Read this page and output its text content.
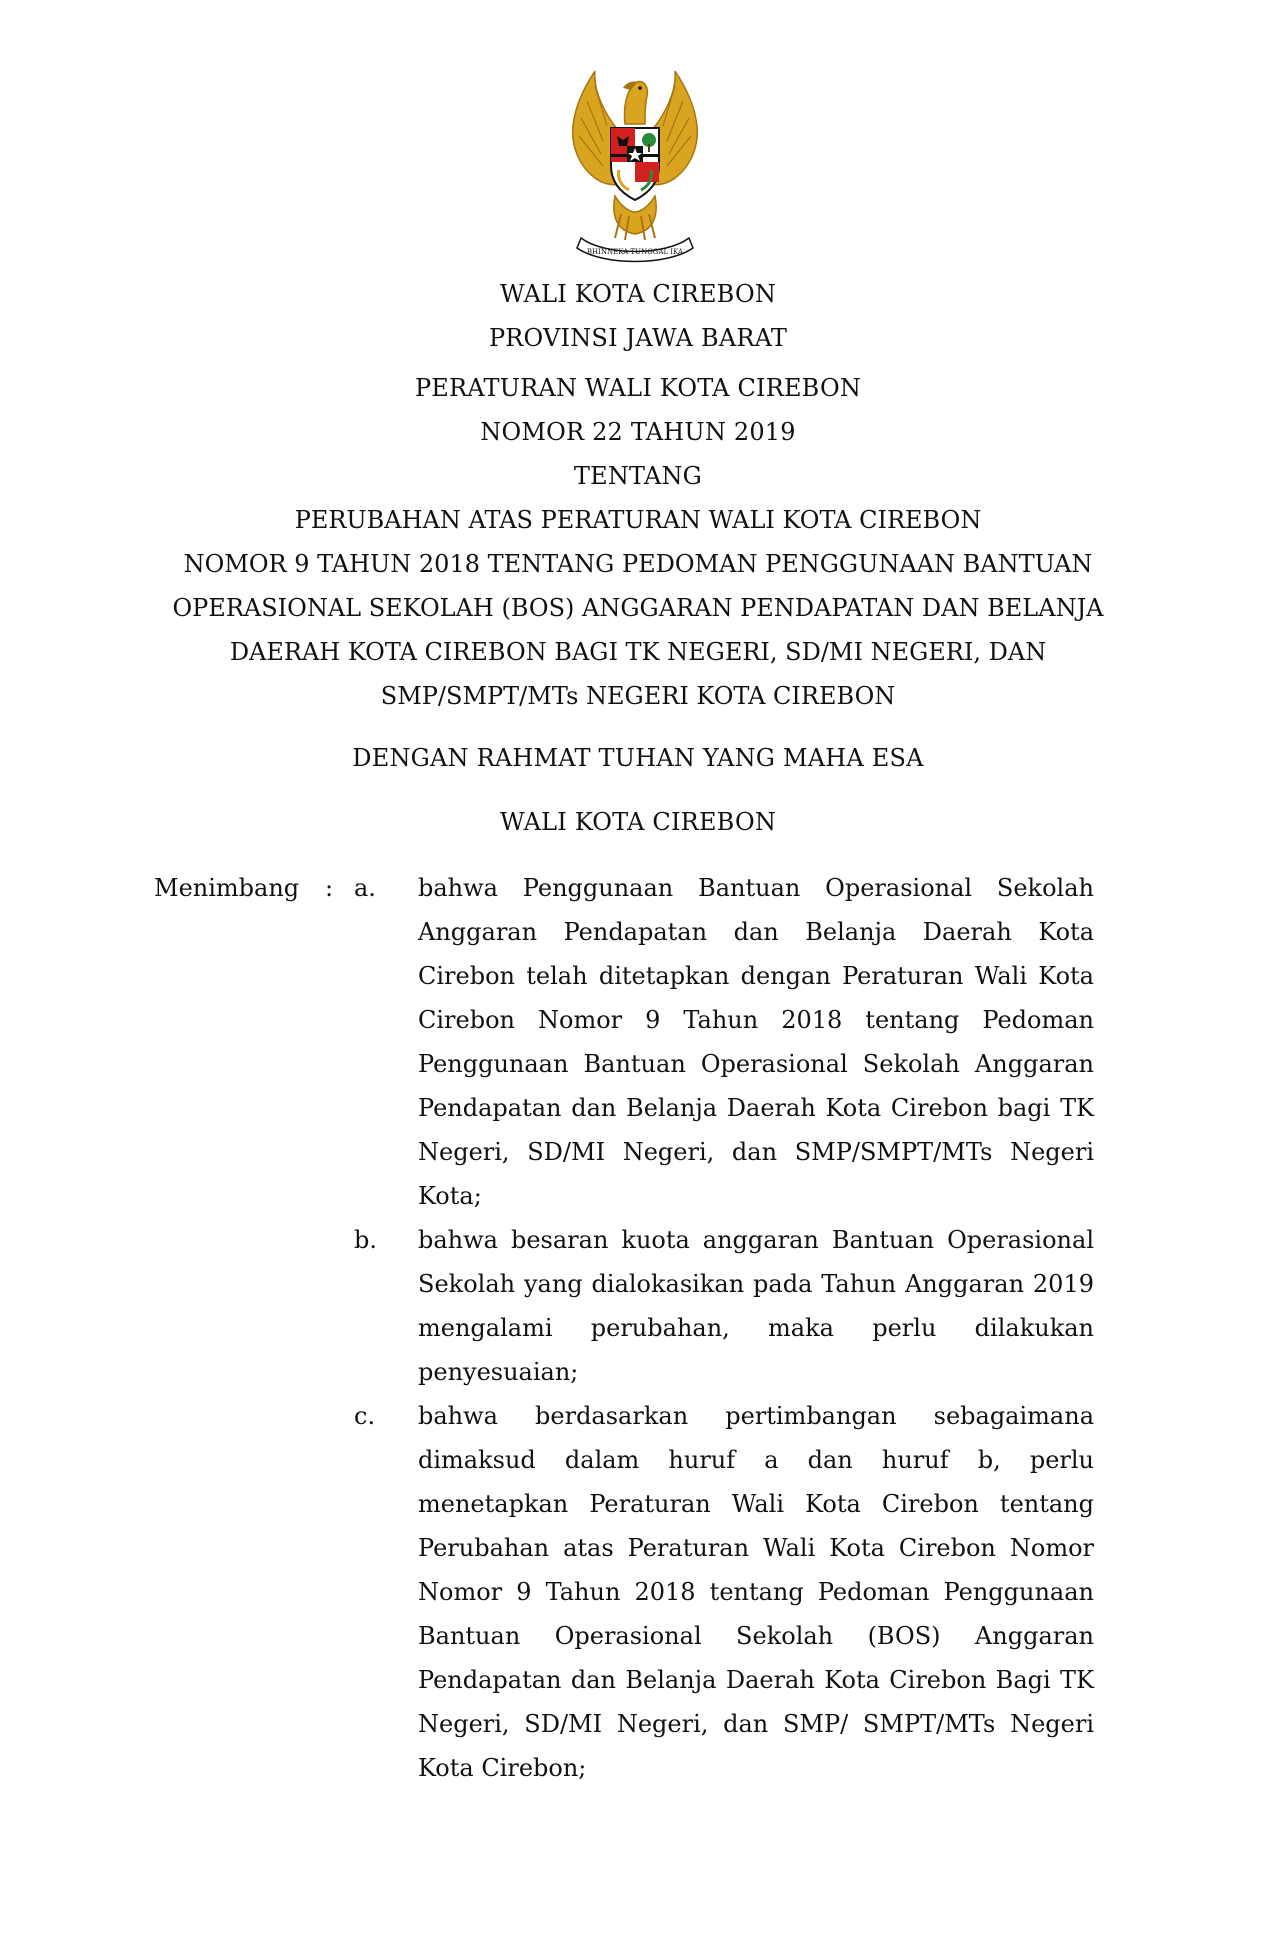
BHINNEKA TUNGGAL IKA
WALI KOTA CIREBON
PROVINSI JAWA BARAT
PERATURAN WALI KOTA CIREBON
NOMOR 22 TAHUN 2019
TENTANG
PERUBAHAN ATAS PERATURAN WALI KOTA CIREBON
NOMOR 9 TAHUN 2018 TENTANG PEDOMAN PENGGUNAAN BANTUAN
OPERASIONAL SEKOLAH (BOS) ANGGARAN PENDAPATAN DAN BELANJA
DAERAH KOTA CIREBON BAGI TK NEGERI, SD/MI NEGERI, DAN
SMP/SMPT/MTs NEGERI KOTA CIREBON
DENGAN RAHMAT TUHAN YANG MAHA ESA
WALI KOTA CIREBON
Menimbang : a. bahwa Penggunaan Bantuan Operasional Sekolah Anggaran Pendapatan dan Belanja Daerah Kota Cirebon telah ditetapkan dengan Peraturan Wali Kota Cirebon Nomor 9 Tahun 2018 tentang Pedoman Penggunaan Bantuan Operasional Sekolah Anggaran Pendapatan dan Belanja Daerah Kota Cirebon bagi TK Negeri, SD/MI Negeri, dan SMP/SMPT/MTs Negeri Kota;
b. bahwa besaran kuota anggaran Bantuan Operasional Sekolah yang dialokasikan pada Tahun Anggaran 2019 mengalami perubahan, maka perlu dilakukan penyesuaian;
c. bahwa berdasarkan pertimbangan sebagaimana dimaksud dalam huruf a dan huruf b, perlu menetapkan Peraturan Wali Kota Cirebon tentang Perubahan atas Peraturan Wali Kota Cirebon Nomor Nomor 9 Tahun 2018 tentang Pedoman Penggunaan Bantuan Operasional Sekolah (BOS) Anggaran Pendapatan dan Belanja Daerah Kota Cirebon Bagi TK Negeri, SD/MI Negeri, dan SMP/ SMPT/MTs Negeri Kota Cirebon;
